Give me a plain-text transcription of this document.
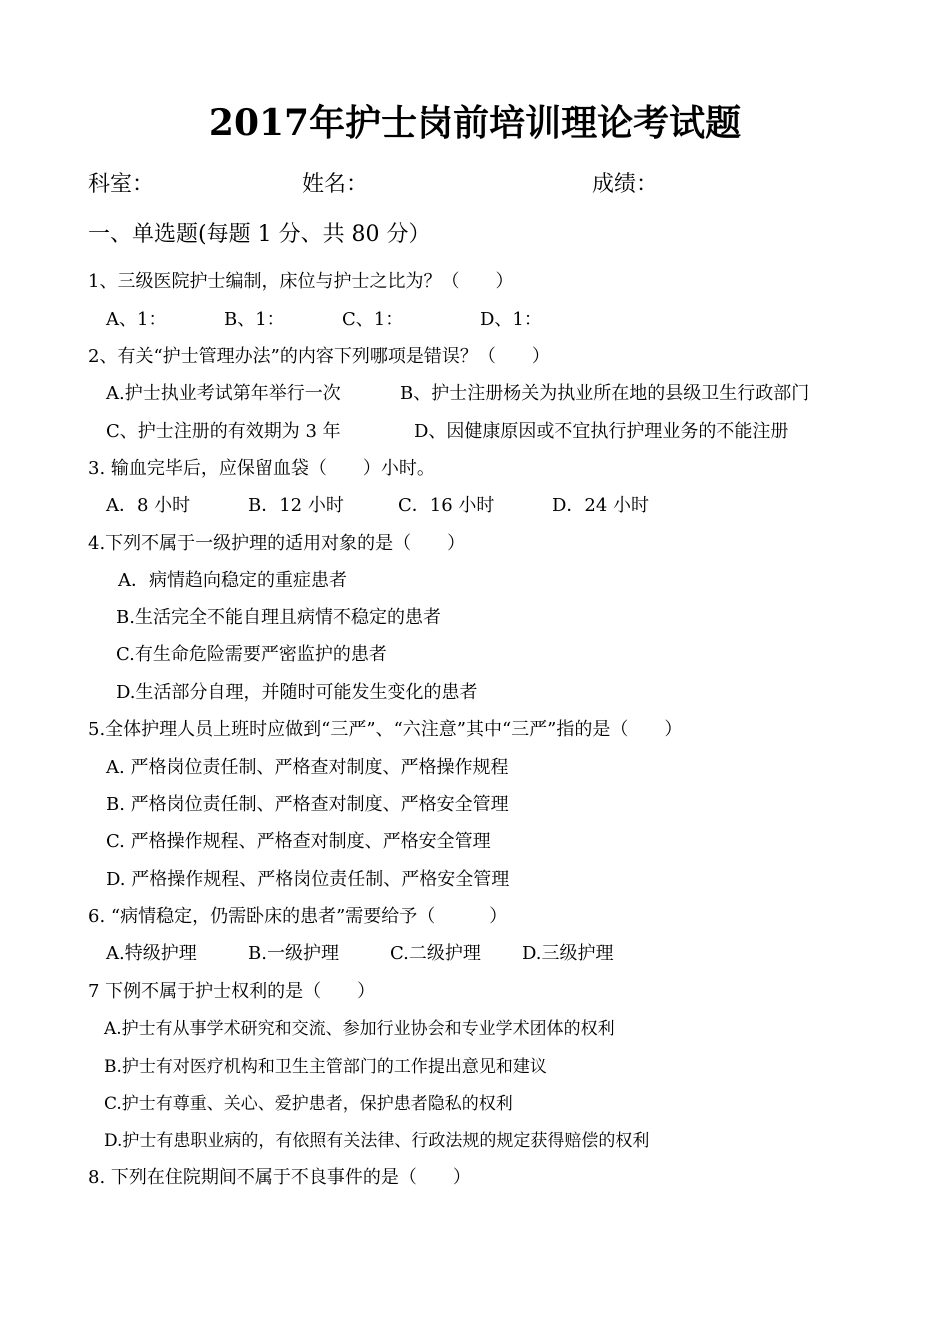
2017年护士岗前培训理论考试题
科室：	姓名：	成绩：
一、单选题(每题 1 分、共 80 分）
1、三级医院护士编制，床位与护士之比为？（　　）
A、1：	B、1：	C、1：	D、1：
2、有关“护士管理办法”的内容下列哪项是错误？（　　）
A.护士执业考试第年举行一次	B、护士注册杨关为执业所在地的县级卫生行政部门
C、护士注册的有效期为 3 年	D、因健康原因或不宜执行护理业务的不能注册
3. 输血完毕后，应保留血袋（　　）小时。
A．8 小时	B．12 小时	C．16 小时	D．24 小时
4.下列不属于一级护理的适用对象的是（　　）
A．病情趋向稳定的重症患者
B.生活完全不能自理且病情不稳定的患者
C.有生命危险需要严密监护的患者
D.生活部分自理，并随时可能发生变化的患者
5.全体护理人员上班时应做到“三严”、“六注意”其中“三严”指的是（　　）
A. 严格岗位责任制、严格查对制度、严格操作规程
B. 严格岗位责任制、严格查对制度、严格安全管理
C. 严格操作规程、严格查对制度、严格安全管理
D. 严格操作规程、严格岗位责任制、严格安全管理
6. “病情稳定，仍需卧床的患者”需要给予（　　　）
A.特级护理	B.一级护理	C.二级护理 D.三级护理
7 下例不属于护士权利的是（　　）
A.护士有从事学术研究和交流、参加行业协会和专业学术团体的权利
B.护士有对医疗机构和卫生主管部门的工作提出意见和建议
C.护士有尊重、关心、爱护患者，保护患者隐私的权利
D.护士有患职业病的，有依照有关法律、行政法规的规定获得赔偿的权利
8. 下列在住院期间不属于不良事件的是（　　）
